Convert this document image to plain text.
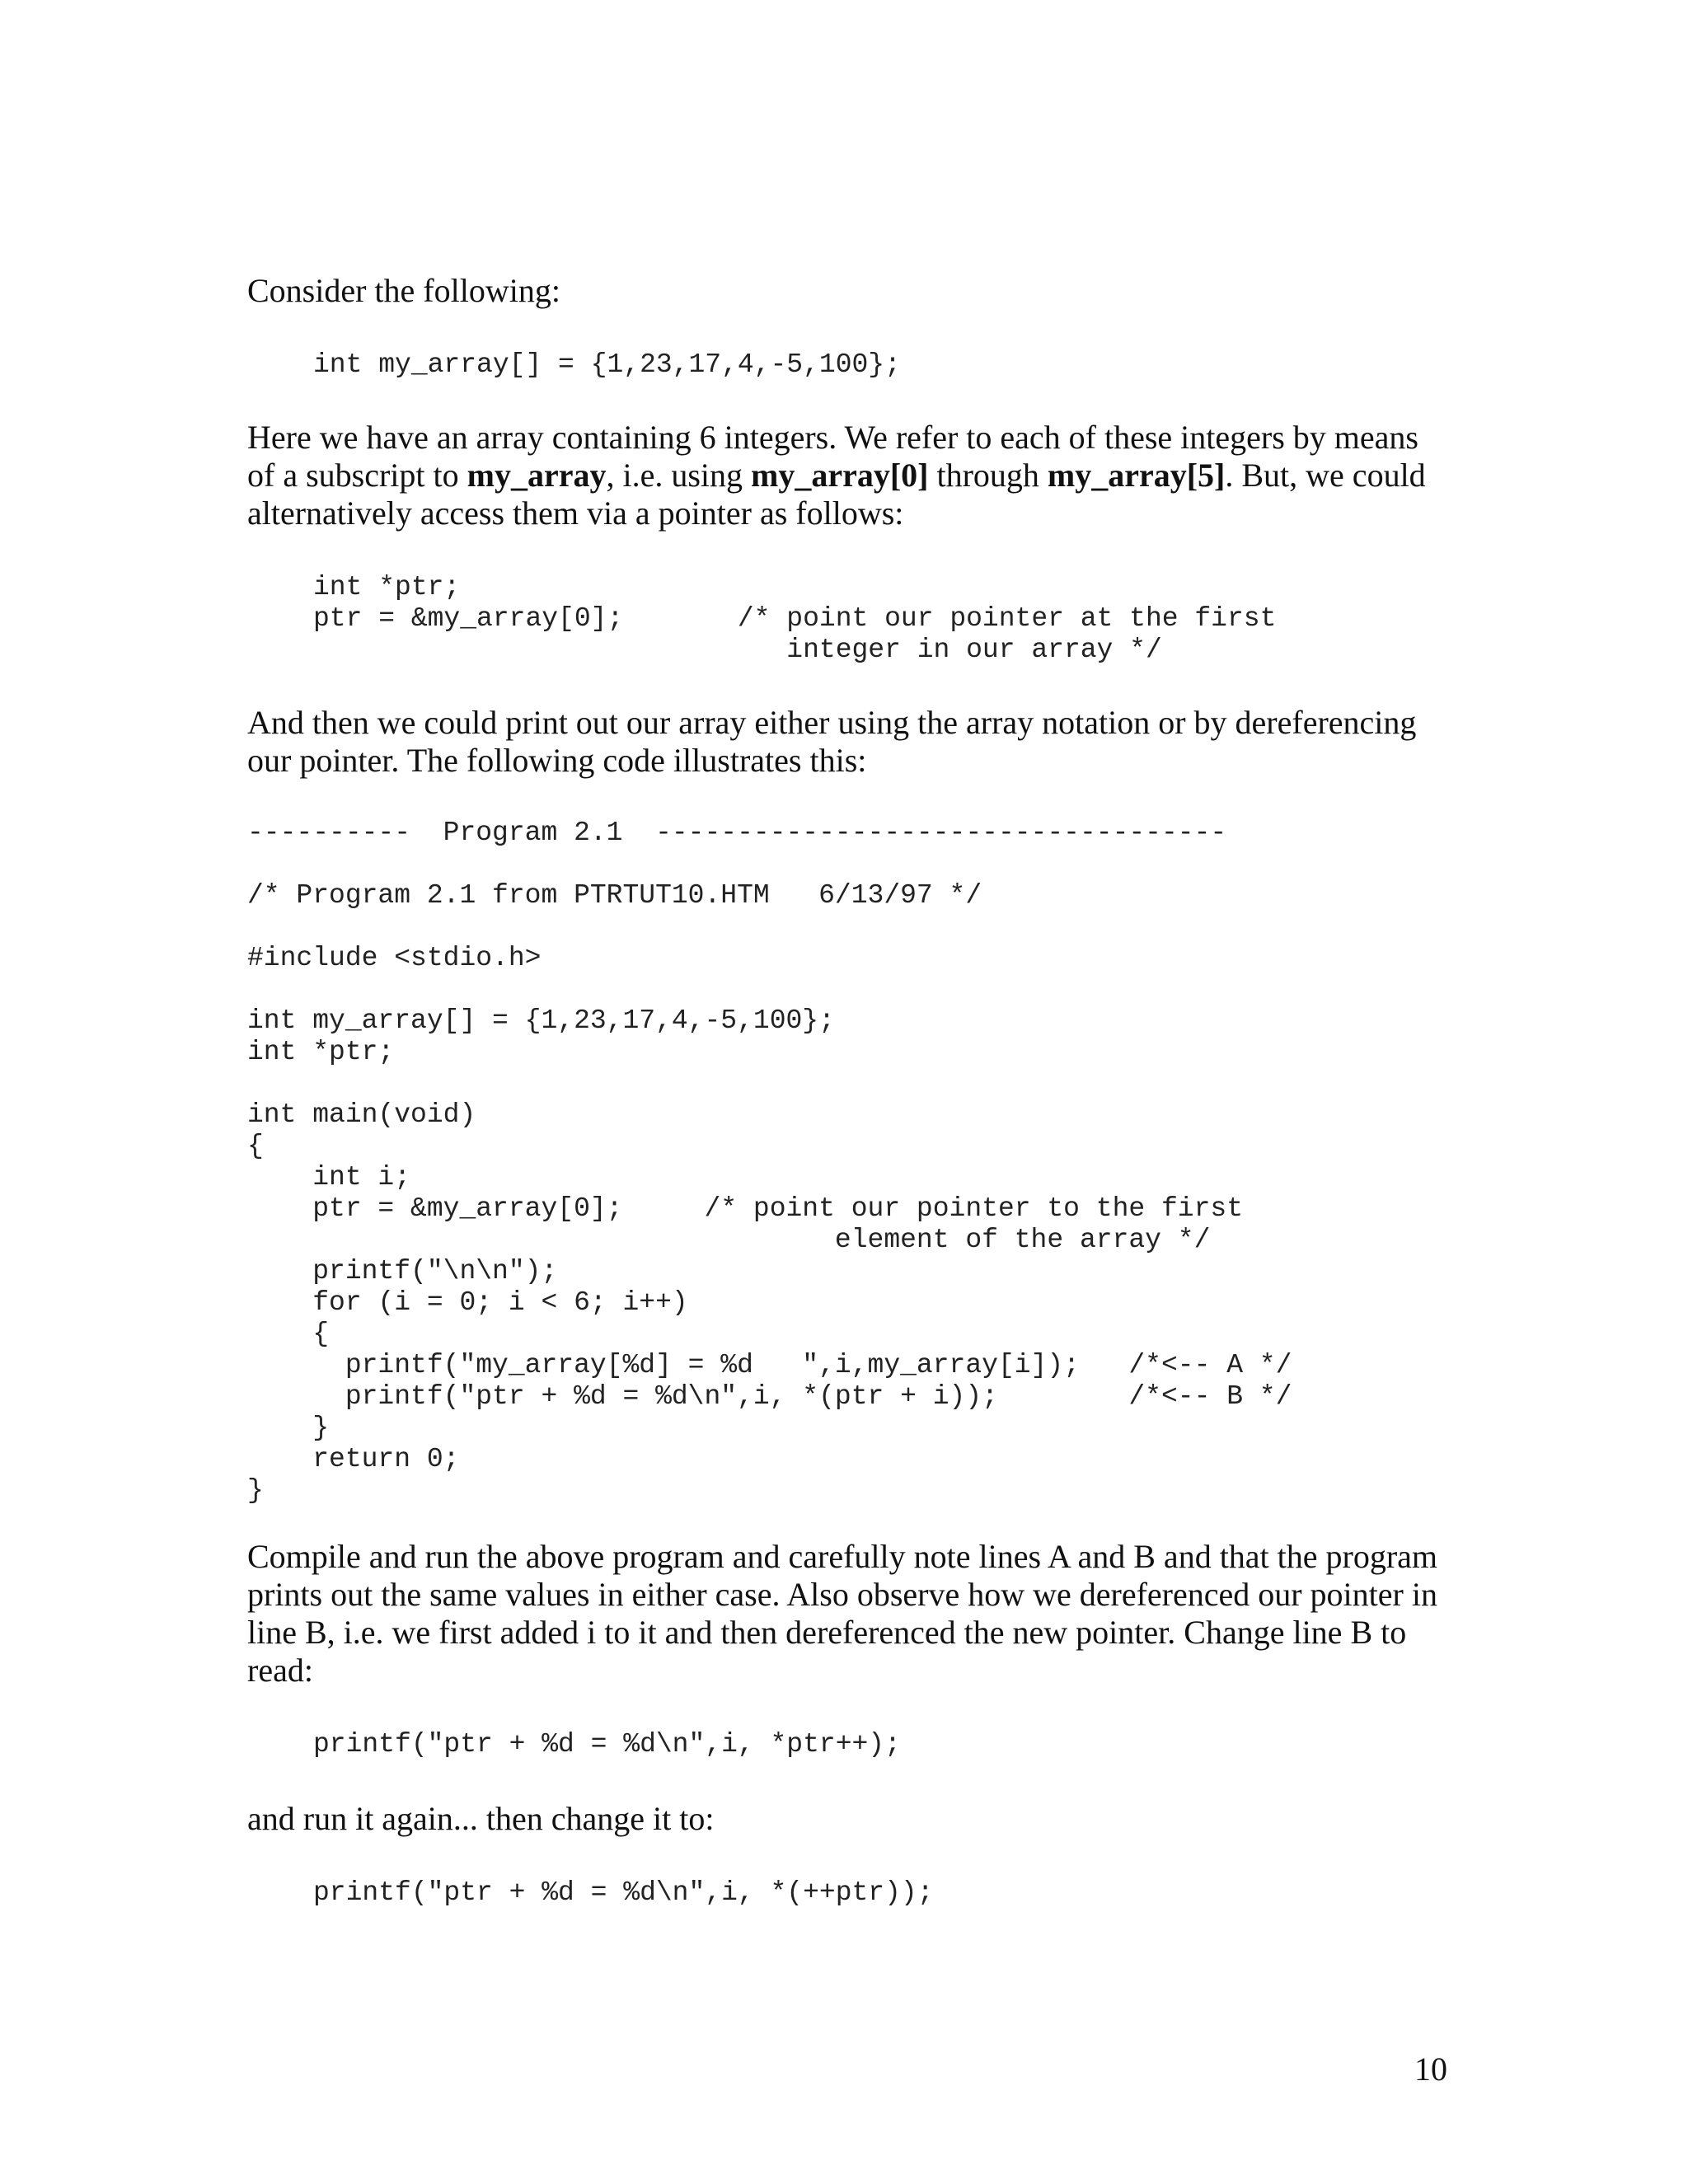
Consider the following:

int my_array[] = {1,23,17,4,-5,100};

Here we have an array containing 6 integers. We refer to each of these integers by means of a subscript to my_array, i.e. using my_array[0] through my_array[5]. But, we could alternatively access them via a pointer as follows:

int *ptr;
ptr = &my_array[0];       /* point our pointer at the first
integer in our array */

And then we could print out our array either using the array notation or by dereferencing our pointer. The following code illustrates this:

----------  Program 2.1  -----------------------------------

/* Program 2.1 from PTRTUT10.HTM   6/13/97 */

#include <stdio.h>

int my_array[] = {1,23,17,4,-5,100};
int *ptr;

int main(void)
{
int i;
ptr = &my_array[0];     /* point our pointer to the first
element of the array */
printf("\n\n");
for (i = 0; i < 6; i++)
{
printf("my_array[%d] = %d   ",i,my_array[i]);   /*<-- A */
printf("ptr + %d = %d\n",i, *(ptr + i));        /*<-- B */
}
return 0;
}

Compile and run the above program and carefully note lines A and B and that the program prints out the same values in either case. Also observe how we dereferenced our pointer in line B, i.e. we first added i to it and then dereferenced the new pointer. Change line B to read:

printf("ptr + %d = %d\n",i, *ptr++);

and run it again... then change it to:

printf("ptr + %d = %d\n",i, *(++ptr));
10
